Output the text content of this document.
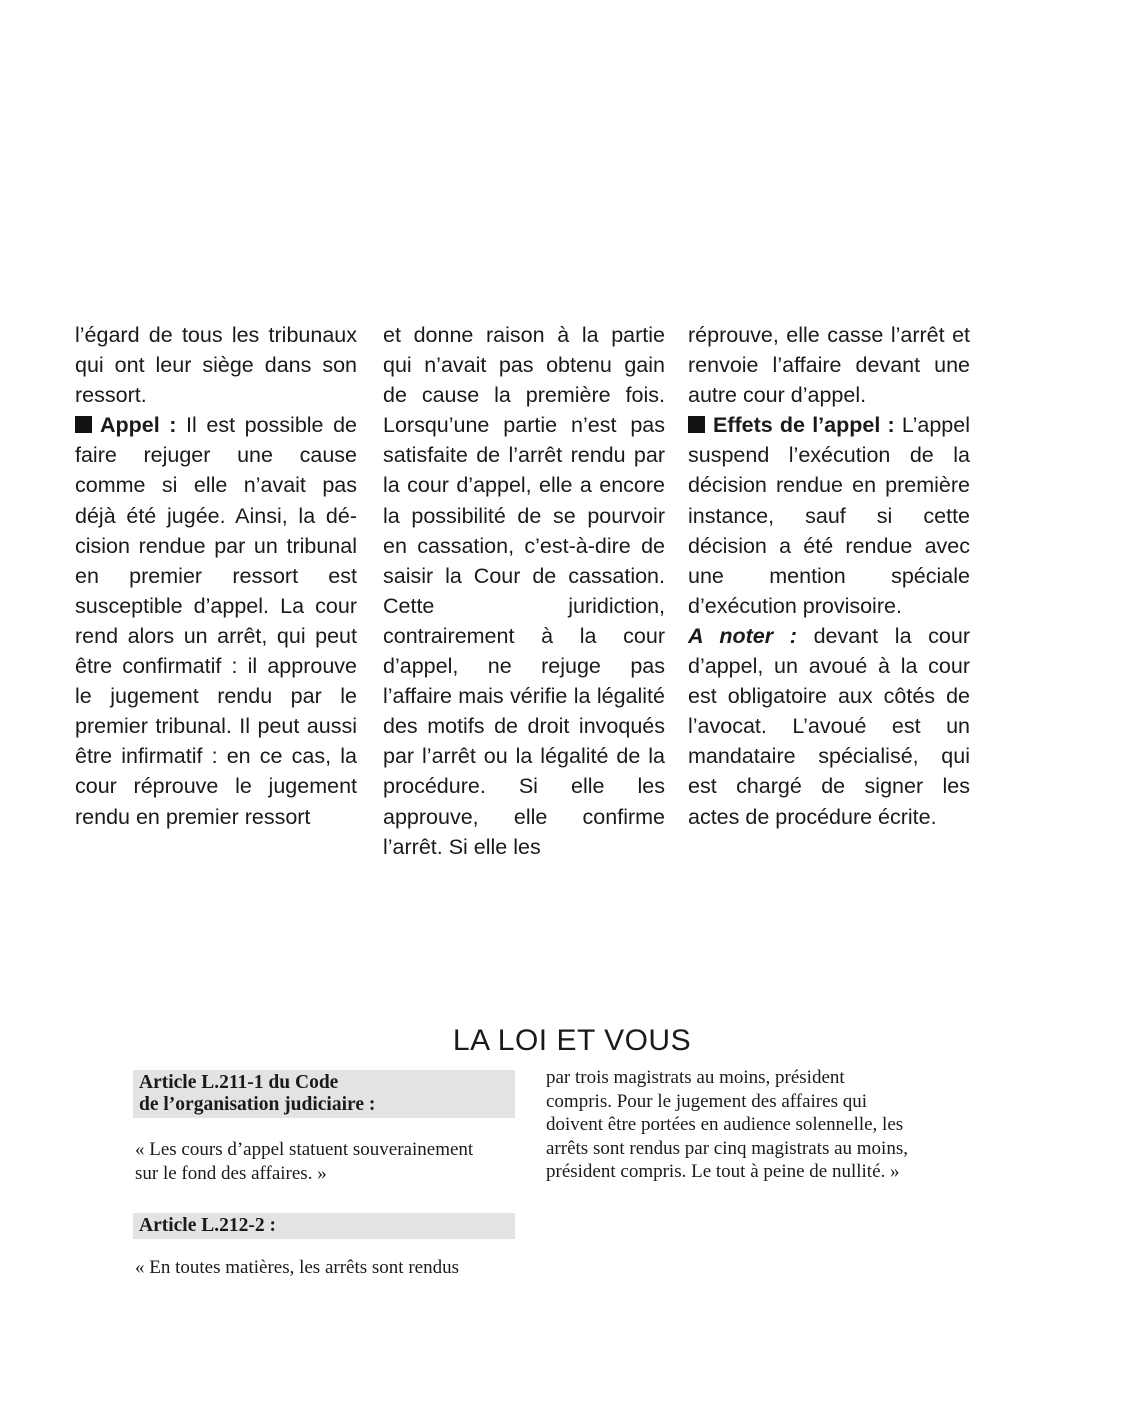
l’égard de tous les tribunaux qui ont leur siège dans son ressort.

Appel : Il est possible de faire rejuger une cause comme si elle n’avait pas déjà été jugée. Ainsi, la décision rendue par un tribunal en premier ressort est susceptible d’appel. La cour rend alors un arrêt, qui peut être confirmatif : il approuve le jugement rendu par le premier tribunal. Il peut aussi être infirmatif : en ce cas, la cour réprouve le jugement rendu en premier ressort

et donne raison à la partie qui n’avait pas obtenu gain de cause la première fois. Lorsqu’une partie n’est pas satisfaite de l’arrêt rendu par la cour d’appel, elle a encore la possibilité de se pourvoir en cassation, c’est-à-dire de saisir la Cour de cassation. Cette juridiction, contrairement à la cour d’appel, ne rejuge pas l’affaire mais vérifie la légalité des motifs de droit invoqués par l’arrêt ou la légalité de la procédure. Si elle les approuve, elle confirme l’arrêt. Si elle les

réprouve, elle casse l’arrêt et renvoie l’affaire devant une autre cour d’appel.

Effets de l’appel : L’appel suspend l’exécution de la décision rendue en première instance, sauf si cette décision a été rendue avec une mention spéciale d’exécution provisoire.

A noter : devant la cour d’appel, un avoué à la cour est obligatoire aux côtés de l’avocat. L’avoué est un mandataire spécialisé, qui est chargé de signer les actes de procédure écrite.

LA LOI ET VOUS
Article L.211-1 du Code
de l’organisation judiciaire :
« Les cours d’appel statuent souverainement sur le fond des affaires. »
Article L.212-2 :
« En toutes matières, les arrêts sont rendus
par trois magistrats au moins, président compris. Pour le jugement des affaires qui doivent être portées en audience solennelle, les arrêts sont rendus par cinq magistrats au moins, président compris. Le tout à peine de nullité. »
